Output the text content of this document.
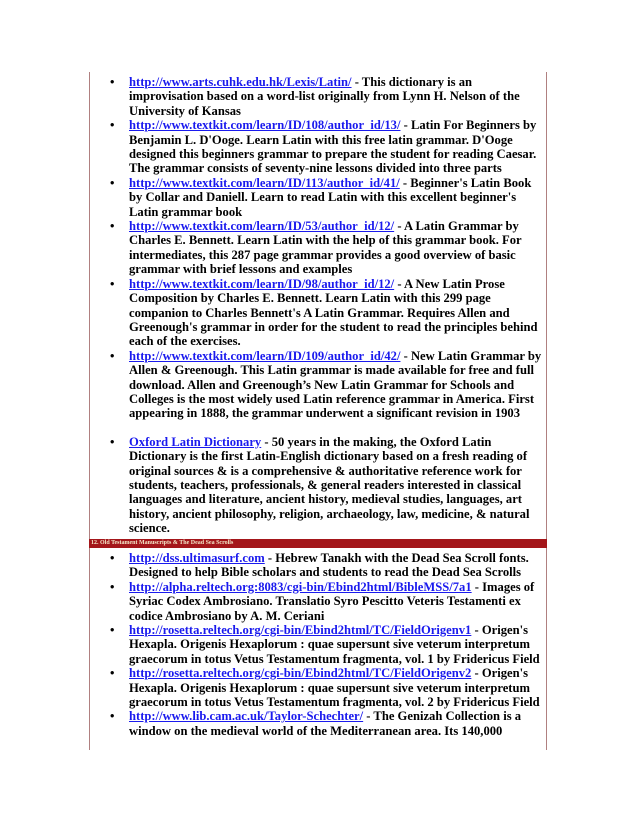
• http://www.arts.cuhk.edu.hk/Lexis/Latin/ - This dictionary is an improvisation based on a word-list originally from Lynn H. Nelson of the University of Kansas
• http://www.textkit.com/learn/ID/108/author_id/13/ - Latin For Beginners by Benjamin L. D'Ooge. Learn Latin with this free latin grammar. D'Ooge designed this beginners grammar to prepare the student for reading Caesar. The grammar consists of seventy-nine lessons divided into three parts
• http://www.textkit.com/learn/ID/113/author_id/41/ - Beginner's Latin Book by Collar and Daniell. Learn to read Latin with this excellent beginner's Latin grammar book
• http://www.textkit.com/learn/ID/53/author_id/12/ - A Latin Grammar by Charles E. Bennett. Learn Latin with the help of this grammar book. For intermediates, this 287 page grammar provides a good overview of basic grammar with brief lessons and examples
• http://www.textkit.com/learn/ID/98/author_id/12/ - A New Latin Prose Composition by Charles E. Bennett. Learn Latin with this 299 page companion to Charles Bennett's A Latin Grammar. Requires Allen and Greenough's grammar in order for the student to read the principles behind each of the exercises.
• http://www.textkit.com/learn/ID/109/author_id/42/ - New Latin Grammar by Allen & Greenough. This Latin grammar is made available for free and full download. Allen and Greenough’s New Latin Grammar for Schools and Colleges is the most widely used Latin reference grammar in America. First appearing in 1888, the grammar underwent a significant revision in 1903
• Oxford Latin Dictionary - 50 years in the making, the Oxford Latin Dictionary is the first Latin-English dictionary based on a fresh reading of original sources & is a comprehensive & authoritative reference work for students, teachers, professionals, & general readers interested in classical languages and literature, ancient history, medieval studies, languages, art history, ancient philosophy, religion, archaeology, law, medicine, & natural science.
12. Old Testament Manuscripts & The Dead Sea Scrolls
• http://dss.ultimasurf.com - Hebrew Tanakh with the Dead Sea Scroll fonts. Designed to help Bible scholars and students to read the Dead Sea Scrolls
• http://alpha.reltech.org:8083/cgi-bin/Ebind2html/BibleMSS/7a1 - Images of Syriac Codex Ambrosiano. Translatio Syro Pescitto Veteris Testamenti ex codice Ambrosiano by A. M. Ceriani
• http://rosetta.reltech.org/cgi-bin/Ebind2html/TC/FieldOrigenv1 - Origen's Hexapla. Origenis Hexaplorum : quae supersunt sive veterum interpretum graecorum in totus Vetus Testamentum fragmenta, vol. 1 by Fridericus Field
• http://rosetta.reltech.org/cgi-bin/Ebind2html/TC/FieldOrigenv2 - Origen's Hexapla. Origenis Hexaplorum : quae supersunt sive veterum interpretum graecorum in totus Vetus Testamentum fragmenta, vol. 2 by Fridericus Field
• http://www.lib.cam.ac.uk/Taylor-Schechter/ - The Genizah Collection is a window on the medieval world of the Mediterranean area. Its 140,000
